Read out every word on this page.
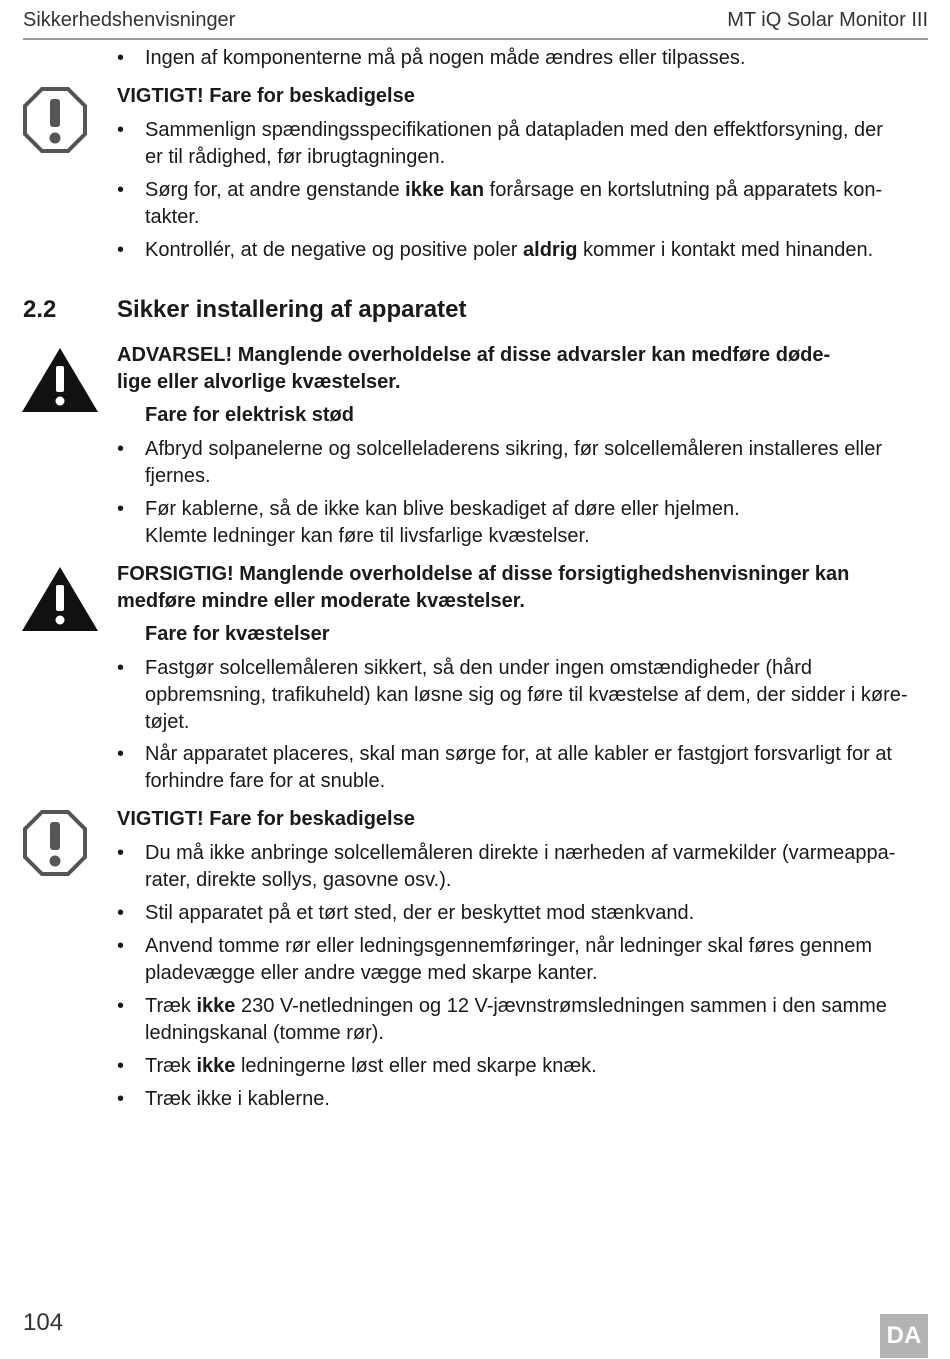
Sikkerhedshenvisninger	MT iQ Solar Monitor III
• Ingen af komponenterne må på nogen måde ændres eller tilpasses.
VIGTIGT! Fare for beskadigelse
• Sammenlign spændingsspecifikationen på datapladen med den effektforsyning, der
er til rådighed, før ibrugtagningen.
• Sørg for, at andre genstande ikke kan forårsage en kortslutning på apparatets kon-
takter.
• Kontrollér, at de negative og positive poler aldrig kommer i kontakt med hinanden.
2.2	Sikker installering af apparatet
ADVARSEL! Manglende overholdelse af disse advarsler kan medføre døde-
lige eller alvorlige kvæstelser.
Fare for elektrisk stød
• Afbryd solpanelerne og solcelleladerens sikring, før solcellemåleren installeres eller
fjernes.
• Før kablerne, så de ikke kan blive beskadiget af døre eller hjelmen.
Klemte ledninger kan føre til livsfarlige kvæstelser.
FORSIGTIG! Manglende overholdelse af disse forsigtighedshenvisninger kan
medføre mindre eller moderate kvæstelser.
Fare for kvæstelser
• Fastgør solcellemåleren sikkert, så den under ingen omstændigheder (hård
opbremsning, trafikuheld) kan løsne sig og føre til kvæstelse af dem, der sidder i køre-
tøjet.
• Når apparatet placeres, skal man sørge for, at alle kabler er fastgjort forsvarligt for at
forhindre fare for at snuble.
VIGTIGT! Fare for beskadigelse
• Du må ikke anbringe solcellemåleren direkte i nærheden af varmekilder (varmeappa-
rater, direkte sollys, gasovne osv.).
• Stil apparatet på et tørt sted, der er beskyttet mod stænkvand.
• Anvend tomme rør eller ledningsgennemføringer, når ledninger skal føres gennem
pladevægge eller andre vægge med skarpe kanter.
• Træk ikke 230 V-netledningen og 12 V-jævnstrømsledningen sammen i den samme
ledningskanal (tomme rør).
• Træk ikke ledningerne løst eller med skarpe knæk.
• Træk ikke i kablerne.
104	DA
